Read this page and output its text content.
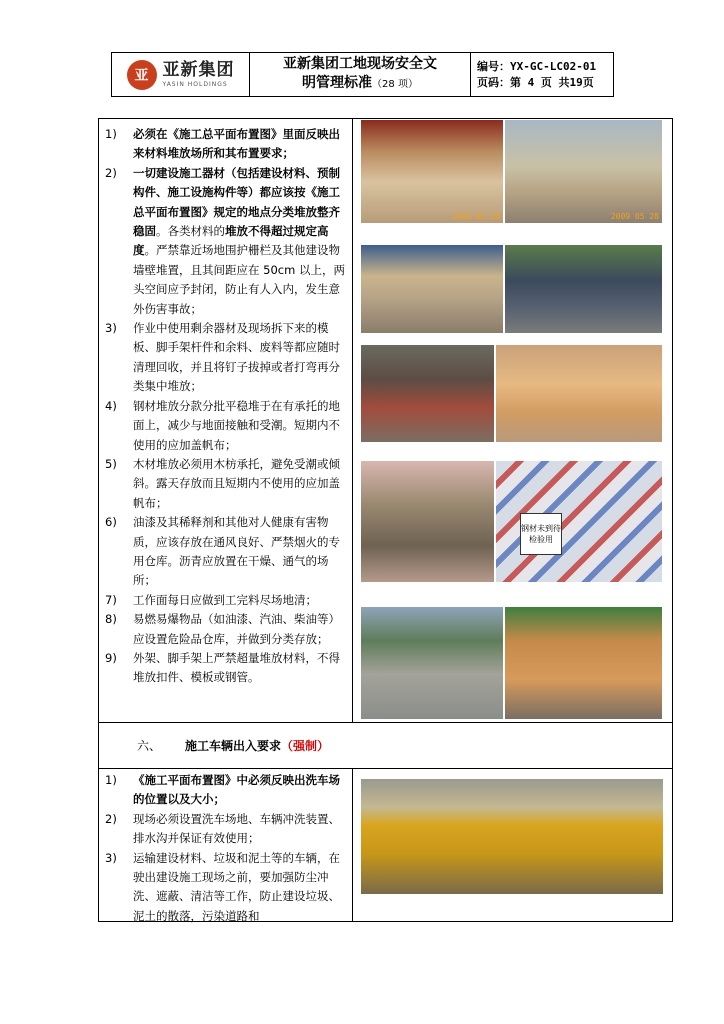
亚 亚新集团
YASIN HOLDINGS
亚新集团工地现场安全文
明管理标准（28 项）
编号：YX-GC-LC02-01
页码：第 4 页 共19页
1)	必须在《施工总平面布置图》里面反映出来材料堆放场所和其布置要求；
2)	一切建设施工器材（包括建设材料、预制构件、施工设施构件等）都应该按《施工总平面布置图》规定的地点分类堆放整齐稳固。各类材料的堆放不得超过规定高度。严禁靠近场地围护栅栏及其他建设物墙壁堆置，且其间距应在 50cm 以上，两头空间应予封闭，防止有人入内，发生意外伤害事故；
3)	作业中使用剩余器材及现场拆下来的模板、脚手架杆件和余料、废料等都应随时清理回收，并且将钉子拔掉或者打弯再分类集中堆放；
4)	钢材堆放分款分批平稳堆于在有承托的地面上，减少与地面接触和受潮。短期内不使用的应加盖帆布；
5)	木材堆放必须用木枋承托，避免受潮或倾斜。露天存放而且短期内不使用的应加盖帆布；
6)	油漆及其稀释剂和其他对人健康有害物质，应该存放在通风良好、严禁烟火的专用仓库。沥青应放置在干燥、通气的场所；
7)	工作面每日应做到工完料尽场地清；
8)	易燃易爆物品（如油漆、汽油、柴油等）应设置危险品仓库，并做到分类存放；
9)	外架、脚手架上严禁超量堆放材料，不得堆放扣件、模板或钢管。
2009 05 28	2009 05 28
钢材未到待检验用
六、 施工车辆出入要求（强制）
1)	《施工平面布置图》中必须反映出洗车场的位置以及大小；
2)	现场必须设置洗车场地、车辆冲洗装置、排水沟并保证有效使用；
3)	运输建设材料、垃圾和泥土等的车辆，在驶出建设施工现场之前，要加强防尘冲洗、遮蔽、清洁等工作，防止建设垃圾、泥土的散落，污染道路和
